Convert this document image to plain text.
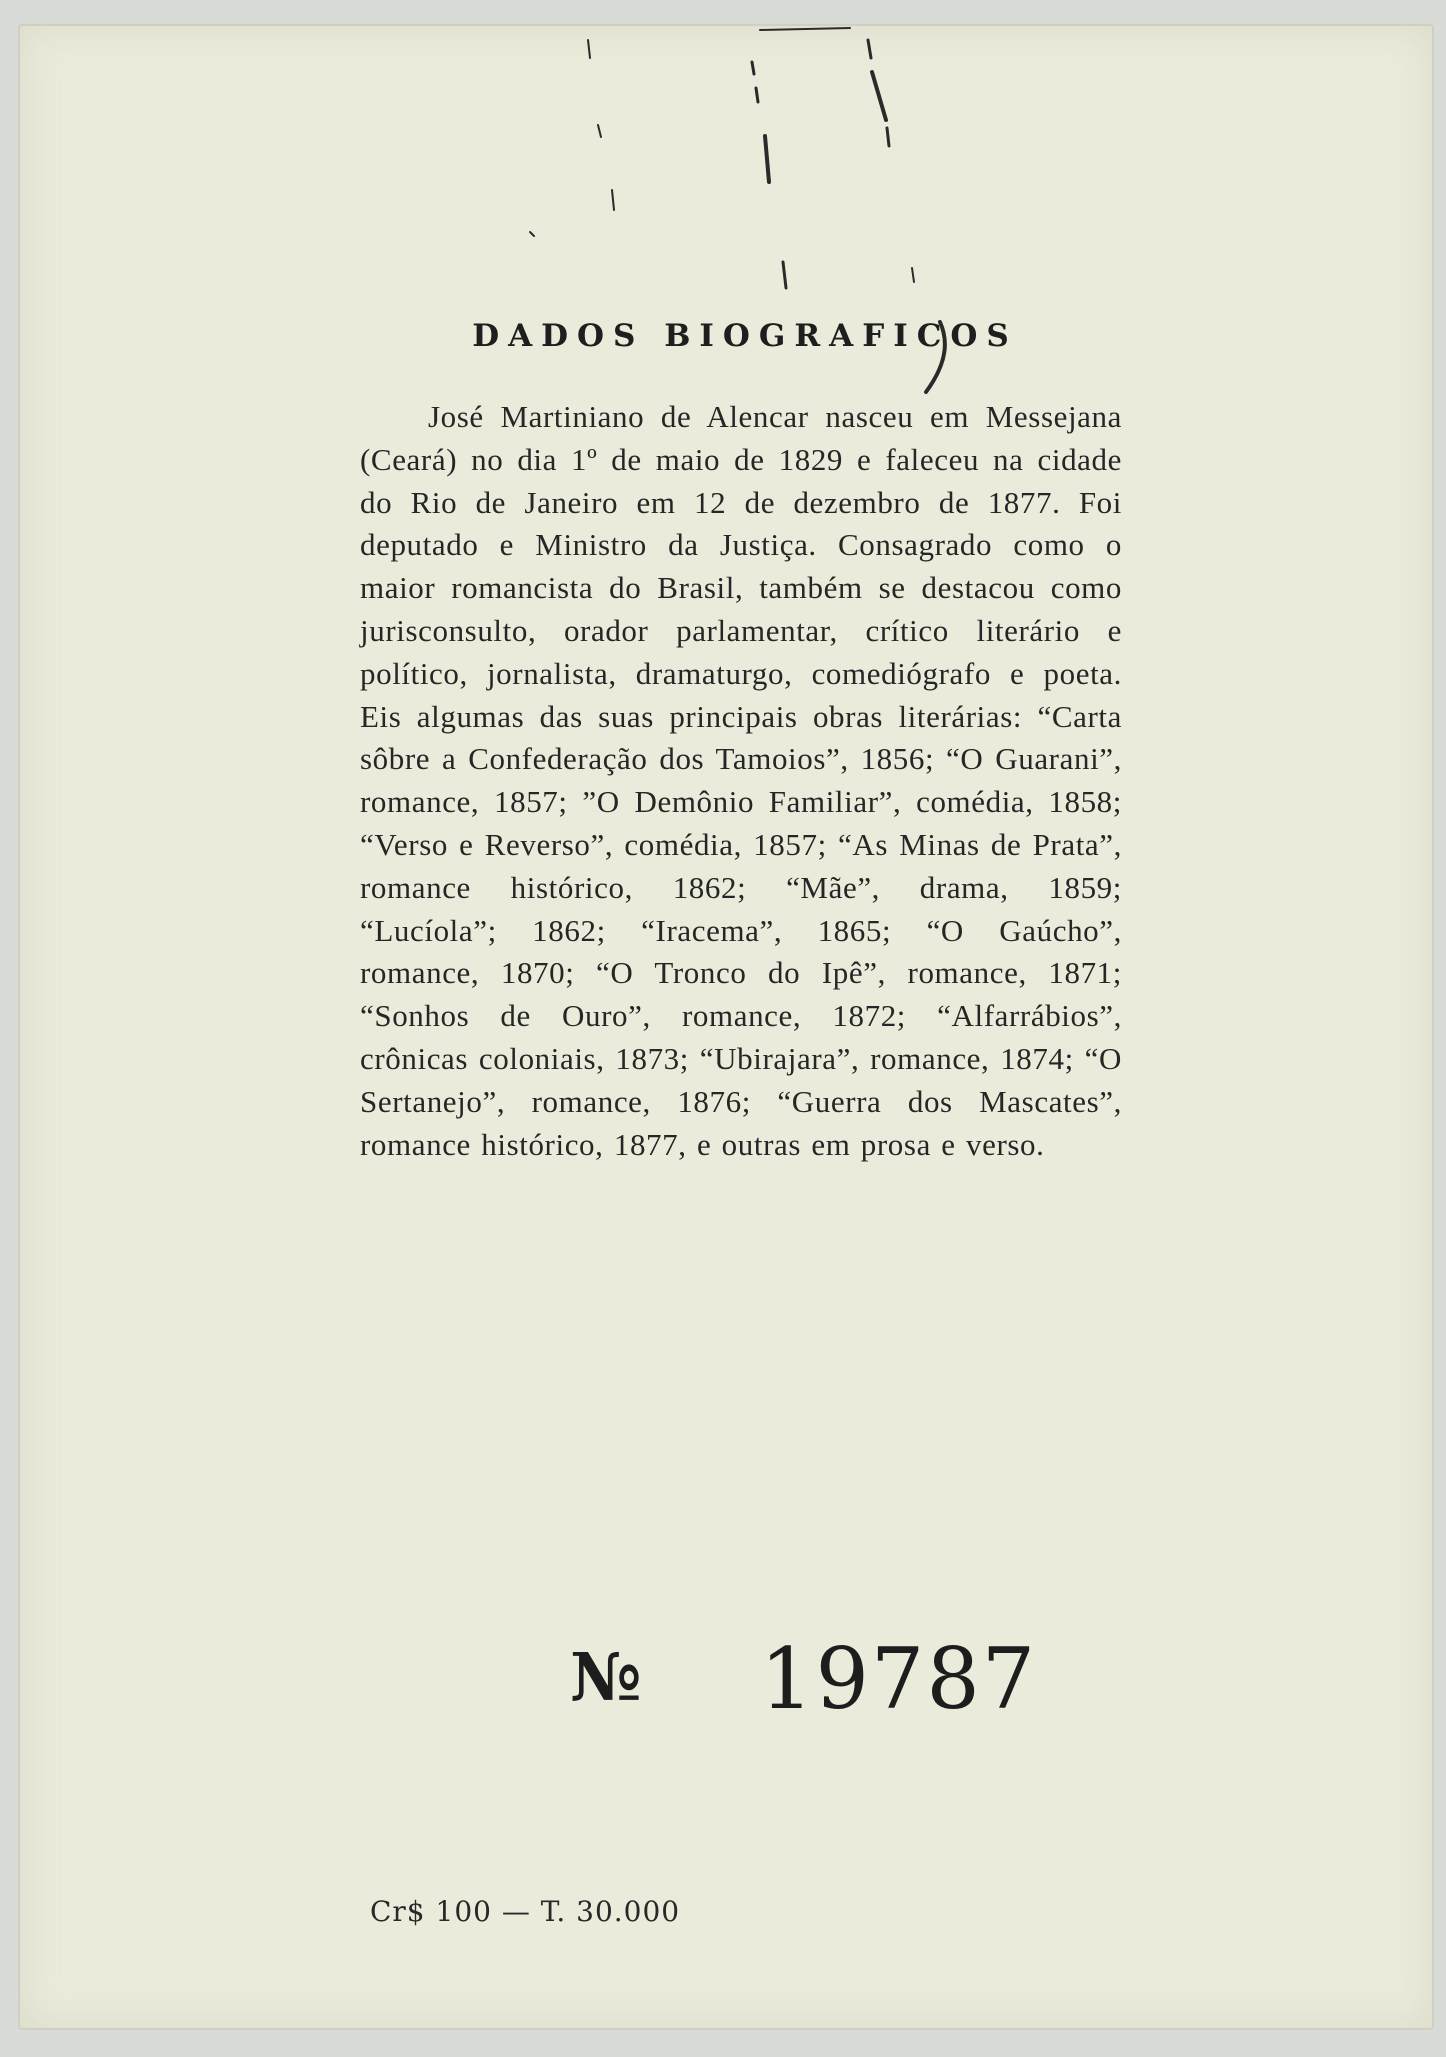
DADOS BIOGRAFICOS
José Martiniano de Alencar nasceu em Messejana (Ceará) no dia 1º de maio de 1829 e faleceu na cidade do Rio de Janeiro em 12 de dezembro de 1877. Foi deputado e Ministro da Justiça. Consagrado como o maior romancista do Brasil, também se destacou como jurisconsulto, orador parlamentar, crítico literário e político, jornalista, dramaturgo, comediógrafo e poeta. Eis algumas das suas principais obras literárias: “Carta sôbre a Confederação dos Tamoios”, 1856; “O Guarani”, romance, 1857; ”O Demônio Familiar”, comédia, 1858; “Verso e Reverso”, comédia, 1857; “As Minas de Prata”, romance histórico, 1862; “Mãe”, drama, 1859; “Lucíola”; 1862; “Iracema”, 1865; “O Gaúcho”, romance, 1870; “O Tronco do Ipê”, romance, 1871; “Sonhos de Ouro”, romance, 1872; “Alfarrábios”, crônicas coloniais, 1873; “Ubirajara”, romance, 1874; “O Sertanejo”, romance, 1876; “Guerra dos Mascates”, romance histórico, 1877, e outras em prosa e verso.
№ 19787
Cr$ 100 — T. 30.000
